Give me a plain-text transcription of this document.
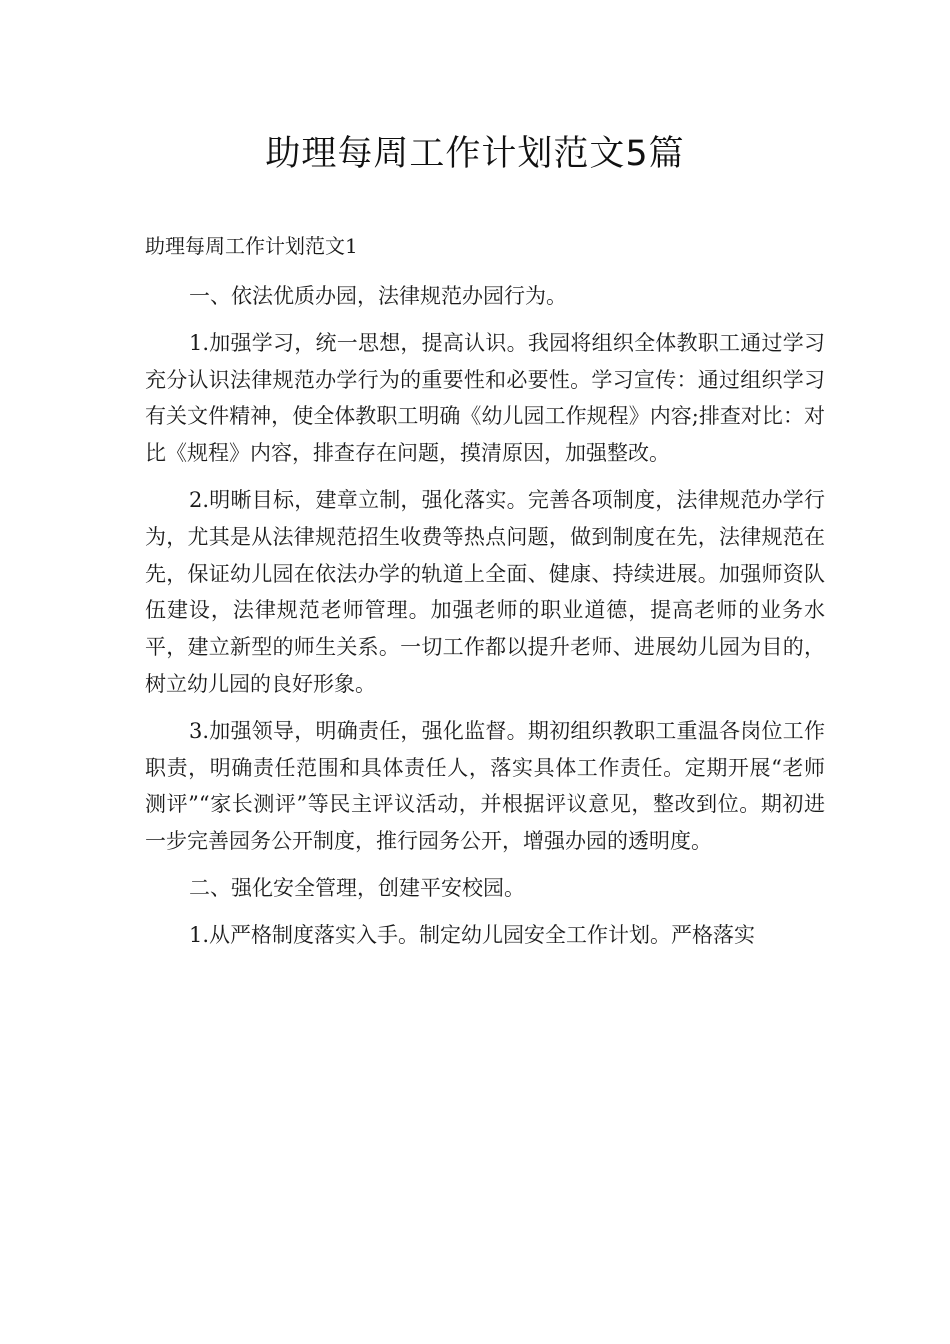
助理每周工作计划范文5篇

助理每周工作计划范文1

一、依法优质办园，法律规范办园行为。

1.加强学习，统一思想，提高认识。我园将组织全体教职工通过学习充分认识法律规范办学行为的重要性和必要性。学习宣传：通过组织学习有关文件精神，使全体教职工明确《幼儿园工作规程》内容;排查对比：对比《规程》内容，排查存在问题，摸清原因，加强整改。

2.明晰目标，建章立制，强化落实。完善各项制度，法律规范办学行为，尤其是从法律规范招生收费等热点问题，做到制度在先，法律规范在先，保证幼儿园在依法办学的轨道上全面、健康、持续进展。加强师资队伍建设，法律规范老师管理。加强老师的职业道德，提高老师的业务水平，建立新型的师生关系。一切工作都以提升老师、进展幼儿园为目的，树立幼儿园的良好形象。

3.加强领导，明确责任，强化监督。期初组织教职工重温各岗位工作职责，明确责任范围和具体责任人，落实具体工作责任。定期开展“老师测评”“家长测评”等民主评议活动，并根据评议意见，整改到位。期初进一步完善园务公开制度，推行园务公开，增强办园的透明度。

二、强化安全管理，创建平安校园。

1.从严格制度落实入手。制定幼儿园安全工作计划。严格落实
